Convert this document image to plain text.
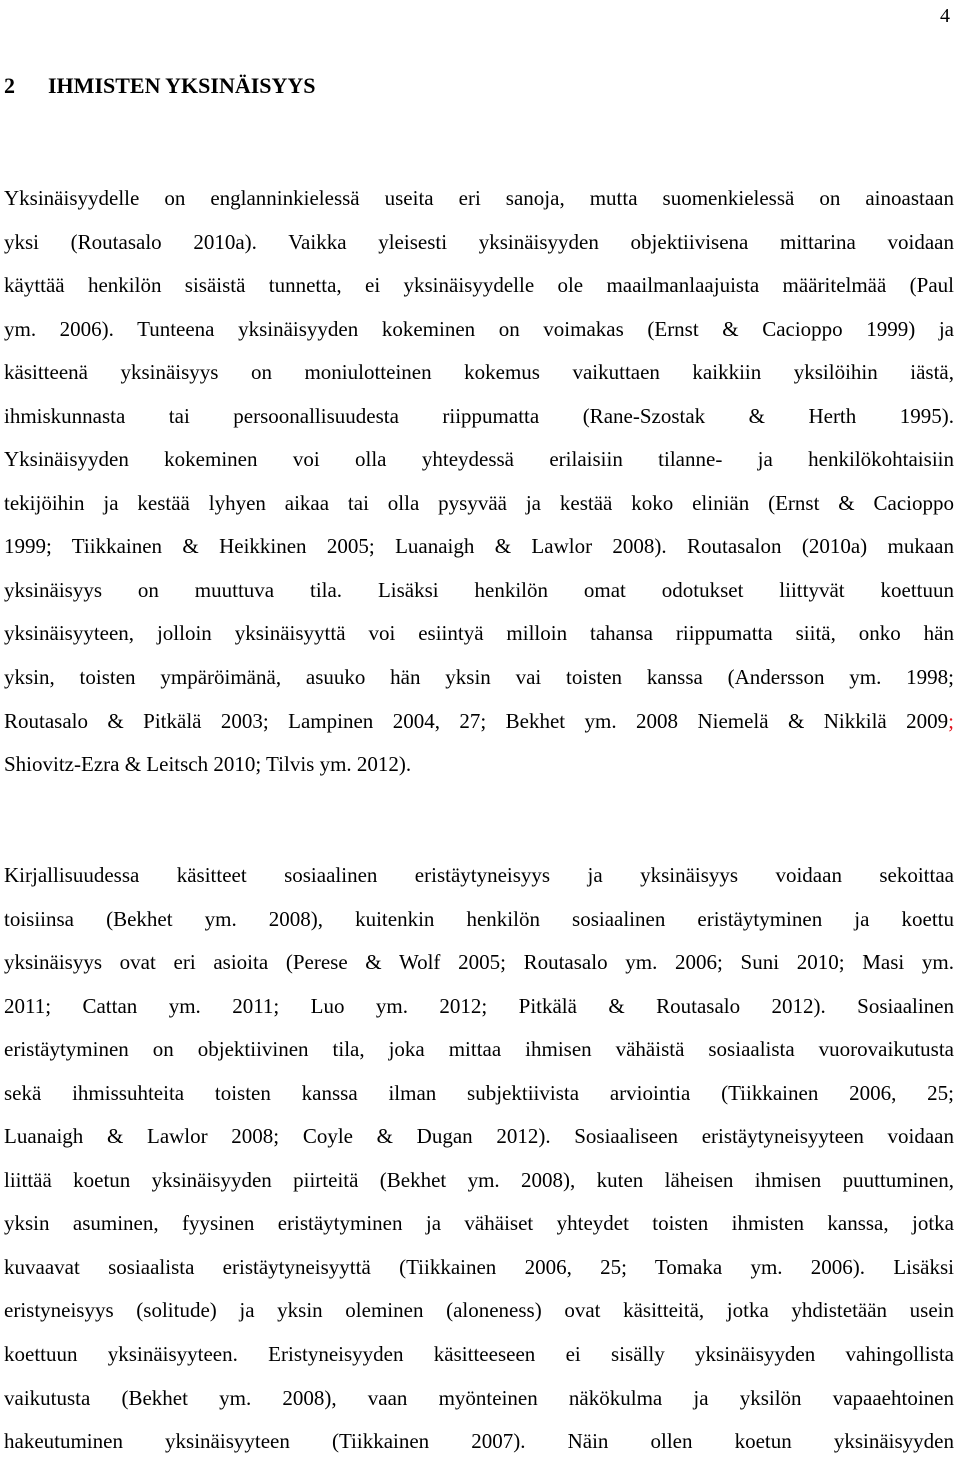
4
2 IHMISTEN YKSINÄISYYS

Yksinäisyydelle on englanninkielessä useita eri sanoja, mutta suomenkielessä on ainoastaan
yksi (Routasalo 2010a). Vaikka yleisesti yksinäisyyden objektiivisena mittarina voidaan
käyttää henkilön sisäistä tunnetta, ei yksinäisyydelle ole maailmanlaajuista määritelmää (Paul
ym. 2006). Tunteena yksinäisyyden kokeminen on voimakas (Ernst & Cacioppo 1999) ja
käsitteenä yksinäisyys on moniulotteinen kokemus vaikuttaen kaikkiin yksilöihin iästä,
ihmiskunnasta tai persoonallisuudesta riippumatta (Rane-Szostak & Herth 1995).
Yksinäisyyden kokeminen voi olla yhteydessä erilaisiin tilanne- ja henkilökohtaisiin
tekijöihin ja kestää lyhyen aikaa tai olla pysyvää ja kestää koko eliniän (Ernst & Cacioppo
1999; Tiikkainen & Heikkinen 2005; Luanaigh & Lawlor 2008). Routasalon (2010a) mukaan
yksinäisyys on muuttuva tila. Lisäksi henkilön omat odotukset liittyvät koettuun
yksinäisyyteen, jolloin yksinäisyyttä voi esiintyä milloin tahansa riippumatta siitä, onko hän
yksin, toisten ympäröimänä, asuuko hän yksin vai toisten kanssa (Andersson ym. 1998;
Routasalo & Pitkälä 2003; Lampinen 2004, 27; Bekhet ym. 2008 Niemelä & Nikkilä 2009;
Shiovitz-Ezra & Leitsch 2010; Tilvis ym. 2012).

Kirjallisuudessa käsitteet sosiaalinen eristäytyneisyys ja yksinäisyys voidaan sekoittaa
toisiinsa (Bekhet ym. 2008), kuitenkin henkilön sosiaalinen eristäytyminen ja koettu
yksinäisyys ovat eri asioita (Perese & Wolf 2005; Routasalo ym. 2006; Suni 2010; Masi ym.
2011; Cattan ym. 2011; Luo ym. 2012; Pitkälä & Routasalo 2012). Sosiaalinen
eristäytyminen on objektiivinen tila, joka mittaa ihmisen vähäistä sosiaalista vuorovaikutusta
sekä ihmissuhteita toisten kanssa ilman subjektiivista arviointia (Tiikkainen 2006, 25;
Luanaigh & Lawlor 2008; Coyle & Dugan 2012). Sosiaaliseen eristäytyneisyyteen voidaan
liittää koetun yksinäisyyden piirteitä (Bekhet ym. 2008), kuten läheisen ihmisen puuttuminen,
yksin asuminen, fyysinen eristäytyminen ja vähäiset yhteydet toisten ihmisten kanssa, jotka
kuvaavat sosiaalista eristäytyneisyyttä (Tiikkainen 2006, 25; Tomaka ym. 2006). Lisäksi
eristyneisyys (solitude) ja yksin oleminen (aloneness) ovat käsitteitä, jotka yhdistetään usein
koettuun yksinäisyyteen. Eristyneisyyden käsitteeseen ei sisälly yksinäisyyden vahingollista
vaikutusta (Bekhet ym. 2008), vaan myönteinen näkökulma ja yksilön vapaaehtoinen
hakeutuminen yksinäisyyteen (Tiikkainen 2007). Näin ollen koetun yksinäisyyden
